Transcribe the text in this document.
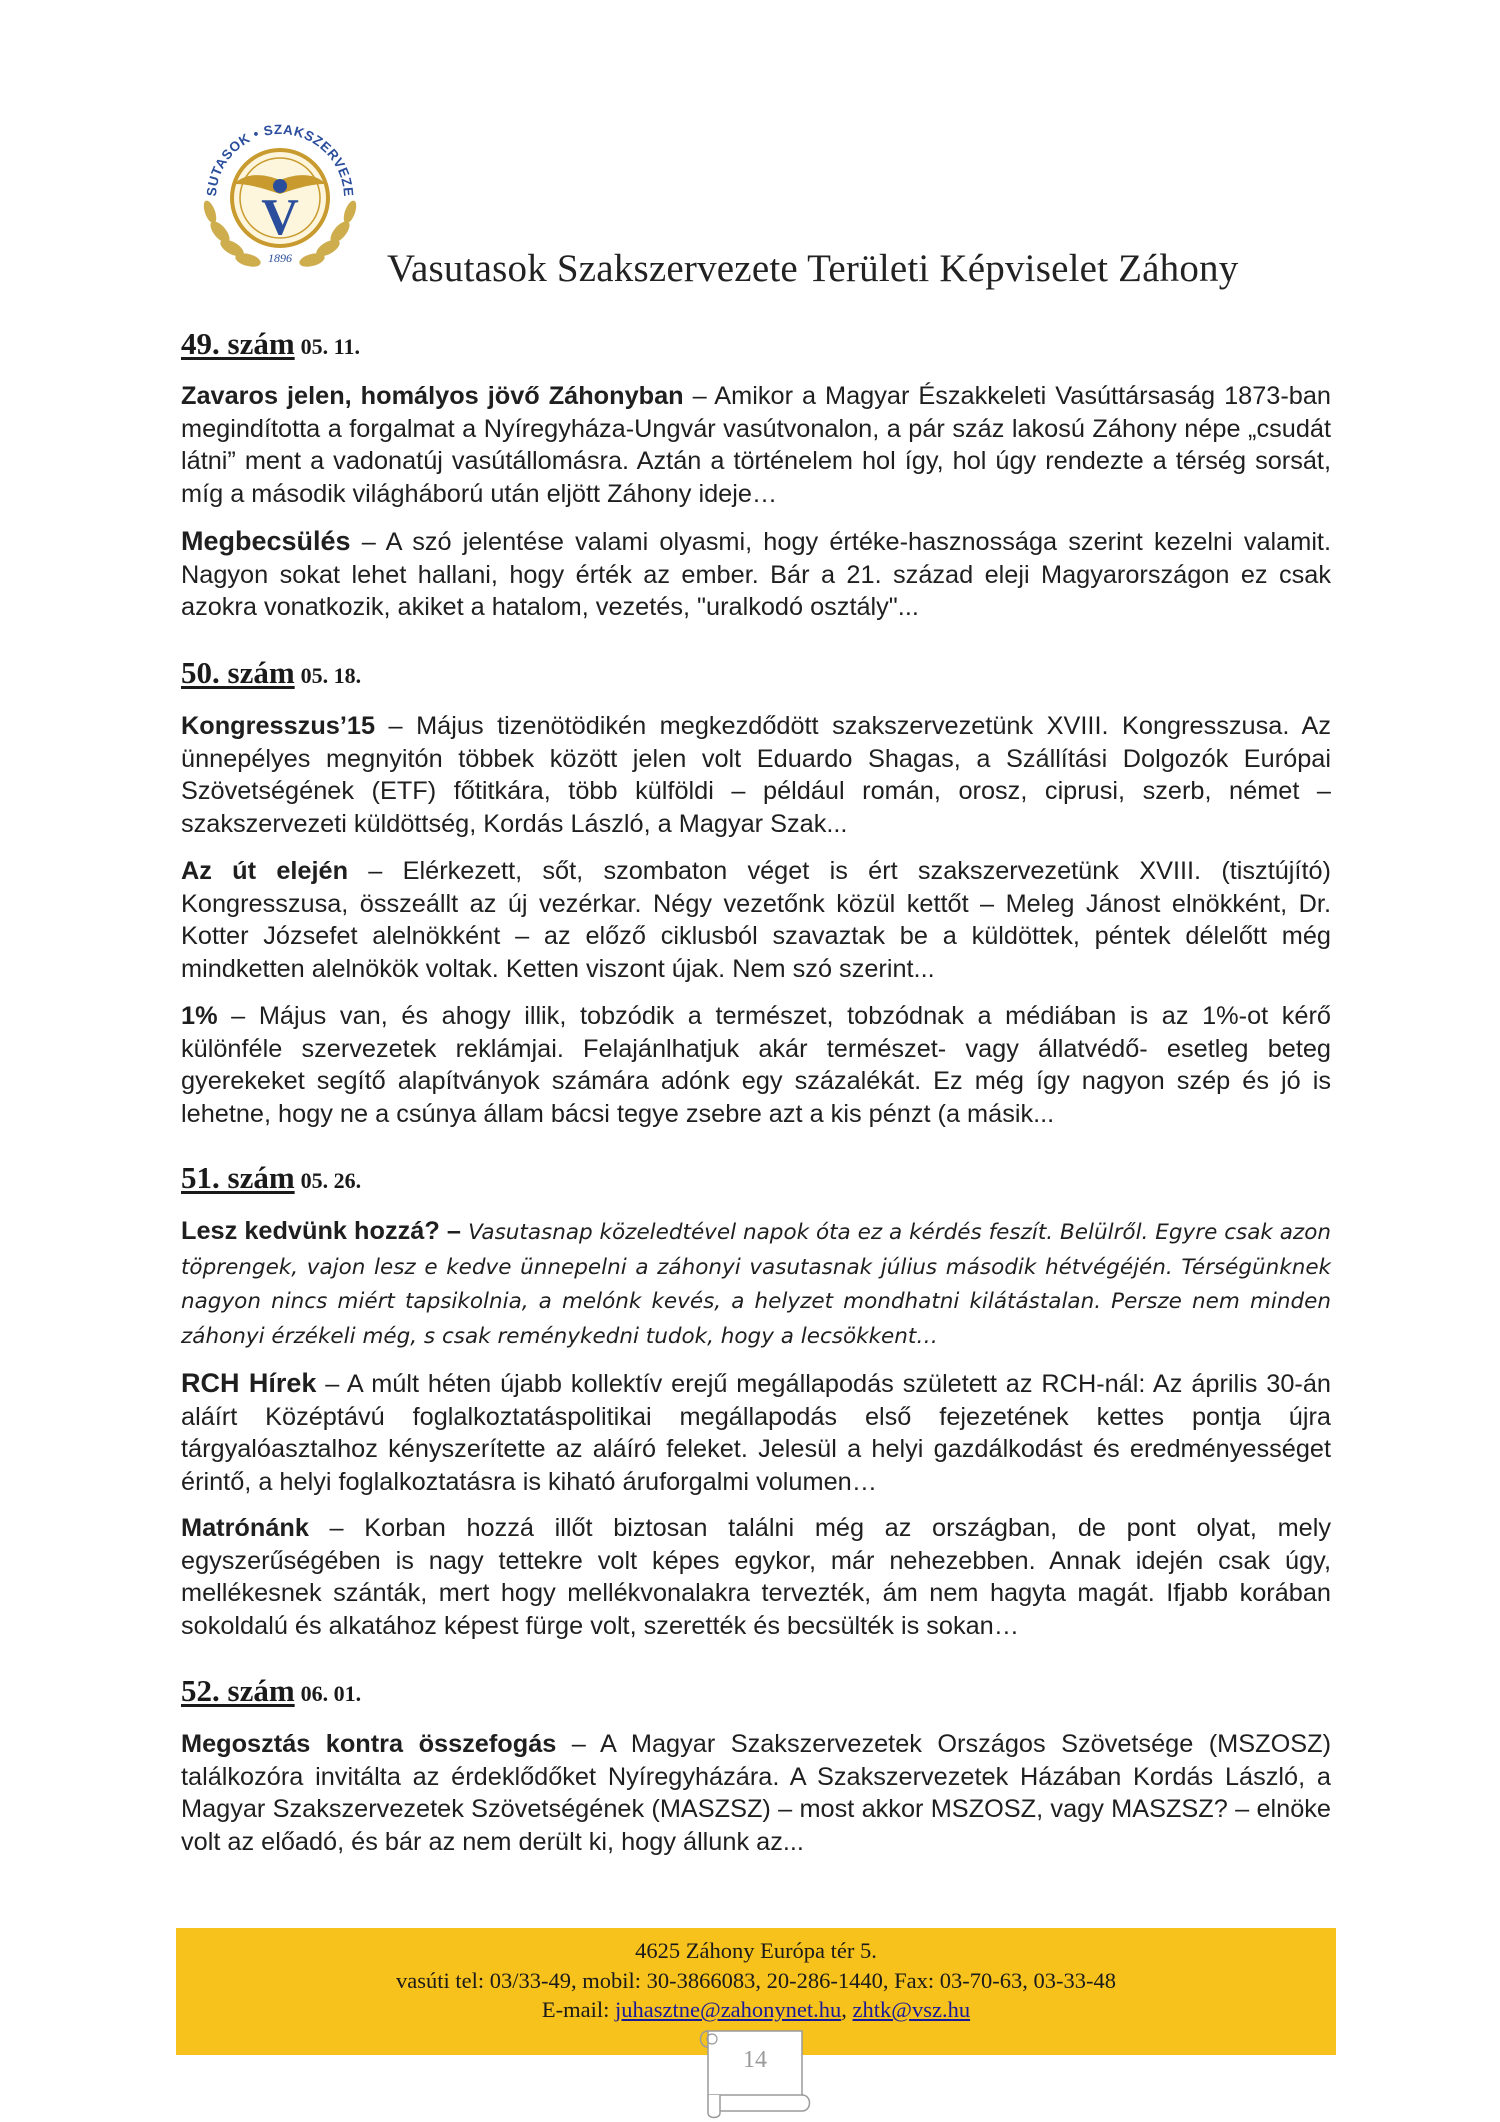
V
SUTASOK • SZAKSZERVEZE
1896 Vasutasok Szakszervezete Területi Képviselet Záhony
49. szám 05. 11.
Zavaros jelen, homályos jövő Záhonyban – Amikor a Magyar Északkeleti Vasúttársaság 1873-ban megindította a forgalmat a Nyíregyháza-Ungvár vasútvonalon, a pár száz lakosú Záhony népe „csudát látni” ment a vadonatúj vasútállomásra. Aztán a történelem hol így, hol úgy rendezte a térség sorsát, míg a második világháború után eljött Záhony ideje…
Megbecsülés – A szó jelentése valami olyasmi, hogy értéke-hasznossága szerint kezelni valamit. Nagyon sokat lehet hallani, hogy érték az ember. Bár a 21. század eleji Magyarországon ez csak azokra vonatkozik, akiket a hatalom, vezetés, "uralkodó osztály"...
50. szám 05. 18.
Kongresszus’15 – Május tizenötödikén megkezdődött szakszervezetünk XVIII. Kongresszusa. Az ünnepélyes megnyitón többek között jelen volt Eduardo Shagas, a Szállítási Dolgozók Európai Szövetségének (ETF) főtitkára, több külföldi – például román, orosz, ciprusi, szerb, német – szakszervezeti küldöttség, Kordás László, a Magyar Szak...
Az út elején – Elérkezett, sőt, szombaton véget is ért szakszervezetünk XVIII. (tisztújító) Kongresszusa, összeállt az új vezérkar. Négy vezetőnk közül kettőt – Meleg Jánost elnökként, Dr. Kotter Józsefet alelnökként – az előző ciklusból szavaztak be a küldöttek, péntek délelőtt még mindketten alelnökök voltak. Ketten viszont újak. Nem szó szerint...
1% – Május van, és ahogy illik, tobzódik a természet, tobzódnak a médiában is az 1%-ot kérő különféle szervezetek reklámjai. Felajánlhatjuk akár természet- vagy állatvédő- esetleg beteg gyerekeket segítő alapítványok számára adónk egy százalékát. Ez még így nagyon szép és jó is lehetne, hogy ne a csúnya állam bácsi tegye zsebre azt a kis pénzt (a másik...
51. szám 05. 26.
Lesz kedvünk hozzá? – Vasutasnap közeledtével napok óta ez a kérdés feszít. Belülről. Egyre csak azon töprengek, vajon lesz e kedve ünnepelni a záhonyi vasutasnak július második hétvégéjén. Térségünknek nagyon nincs miért tapsikolnia, a melónk kevés, a helyzet mondhatni kilátástalan. Persze nem minden záhonyi érzékeli még, s csak reménykedni tudok, hogy a lecsökkent…
RCH Hírek – A múlt héten újabb kollektív erejű megállapodás született az RCH-nál: Az április 30-án aláírt Középtávú foglalkoztatáspolitikai megállapodás első fejezetének kettes pontja újra tárgyalóasztalhoz kényszerítette az aláíró feleket. Jelesül a helyi gazdálkodást és eredményességet érintő, a helyi foglalkoztatásra is kiható áruforgalmi volumen…
Matrónánk – Korban hozzá illőt biztosan találni még az országban, de pont olyat, mely egyszerűségében is nagy tettekre volt képes egykor, már nehezebben. Annak idején csak úgy, mellékesnek szánták, mert hogy mellékvonalakra tervezték, ám nem hagyta magát. Ifjabb korában sokoldalú és alkatához képest fürge volt, szerették és becsülték is sokan…
52. szám 06. 01.
Megosztás kontra összefogás – A Magyar Szakszervezetek Országos Szövetsége (MSZOSZ) találkozóra invitálta az érdeklődőket Nyíregyházára. A Szakszervezetek Házában Kordás László, a Magyar Szakszervezetek Szövetségének (MASZSZ) – most akkor MSZOSZ, vagy MASZSZ? – elnöke volt az előadó, és bár az nem derült ki, hogy állunk az...
4625 Záhony Európa tér 5.
vasúti tel: 03/33-49, mobil: 30-3866083, 20-286-1440, Fax: 03-70-63, 03-33-48
E-mail: juhasztne@zahonynet.hu, zhtk@vsz.hu
14
